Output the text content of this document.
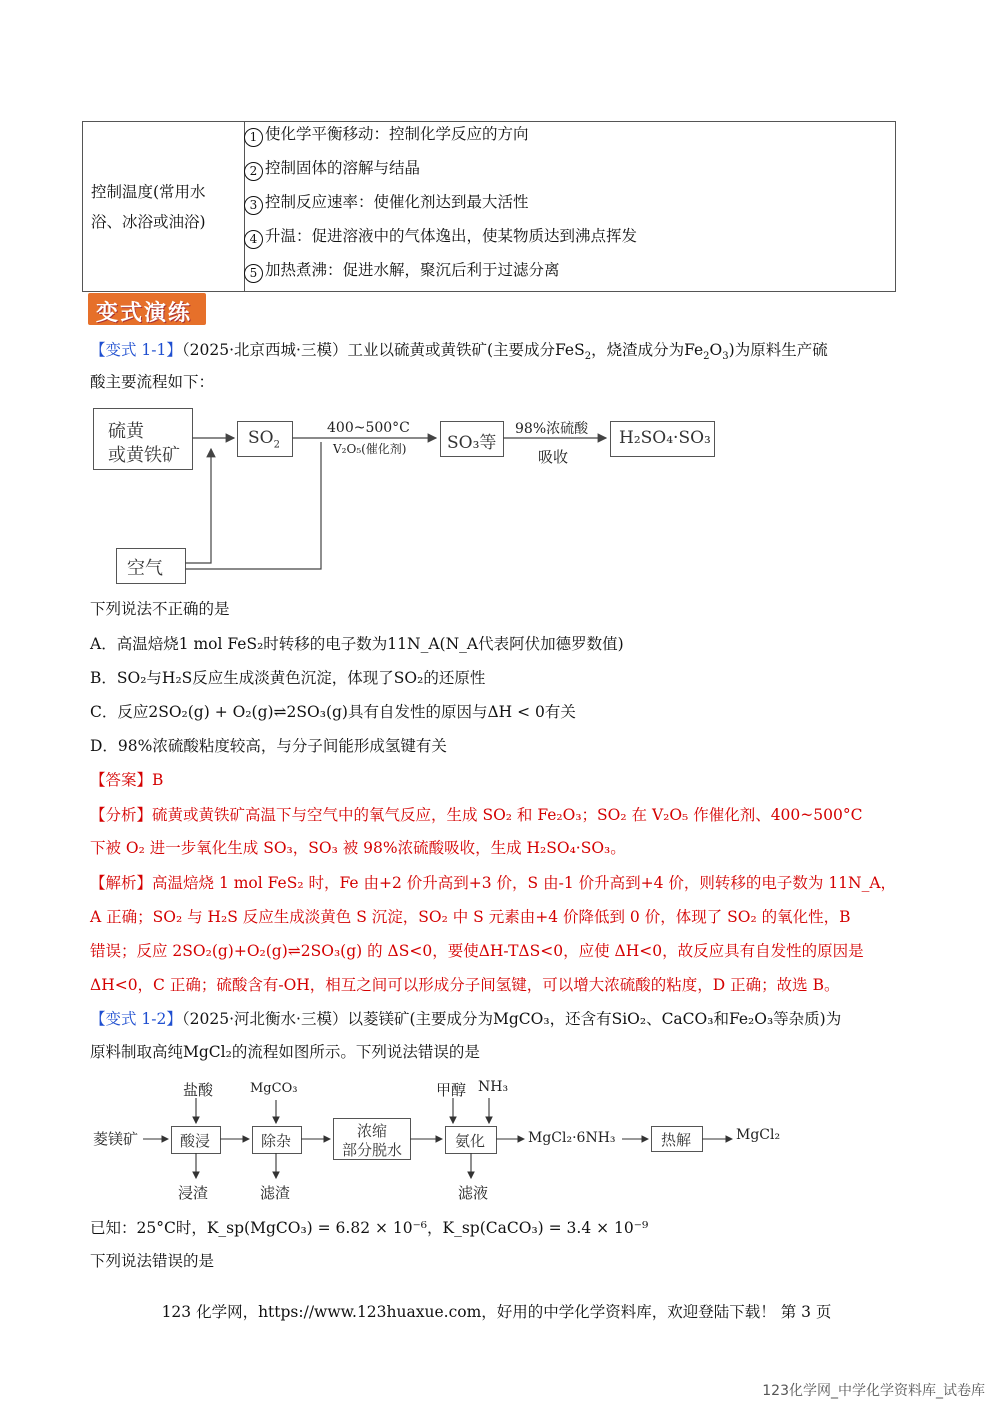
控制温度(常用水
浴、冰浴或油浴)

1 使化学平衡移动：控制化学反应的方向
2 控制固体的溶解与结晶
3 控制反应速率：使催化剂达到最大活性
4 升温：促进溶液中的气体逸出，使某物质达到沸点挥发
5 加热煮沸：促进水解，聚沉后利于过滤分离
变式演练
【变式 1-1】（2025·北京西城·三模）工业以硫黄或黄铁矿(主要成分FeS$_2$，烧渣成分为$Fe_2O_3$)为原料生产硫
酸主要流程如下：
硫黄
或黄铁矿
$SO_2$
400~500°C
V₂O₅(催化剂) SO₃等
98%浓硫酸
吸收
H₂SO₄·SO₃
空气
下列说法不正确的是
A．高温焙烧1 mol FeS₂时转移的电子数为11N_A(N_A代表阿伏加德罗数值)
B．SO₂与H₂S反应生成淡黄色沉淀，体现了SO₂的还原性
C．反应2SO₂(g) + O₂(g)⇌2SO₃(g)具有自发性的原因与ΔH < 0有关
D．98%浓硫酸粘度较高，与分子间能形成氢键有关
【答案】B
【分析】硫黄或黄铁矿高温下与空气中的氧气反应，生成 SO₂ 和 Fe₂O₃；SO₂ 在 V₂O₅ 作催化剂、400~500°C
下被 O₂ 进一步氧化生成 SO₃，SO₃ 被 98%浓硫酸吸收，生成 H₂SO₄·SO₃。
【解析】高温焙烧 1 mol FeS₂ 时，Fe 由+2 价升高到+3 价，S 由-1 价升高到+4 价，则转移的电子数为 11N_A，
A 正确；SO₂ 与 H₂S 反应生成淡黄色 S 沉淀，SO₂ 中 S 元素由+4 价降低到 0 价，体现了 SO₂ 的氧化性，B
错误；反应 2SO₂(g)+O₂(g)⇌2SO₃(g) 的 ΔS<0，要使ΔH-TΔS<0，应使 ΔH<0，故反应具有自发性的原因是
ΔH<0，C 正确；硫酸含有-OH，相互之间可以形成分子间氢键，可以增大浓硫酸的粘度，D 正确；故选 B。
【变式 1-2】（2025·河北衡水·三模）以菱镁矿(主要成分为MgCO₃，还含有SiO₂、CaCO₃和Fe₂O₃等杂质)为
原料制取高纯MgCl₂的流程如图所示。下列说法错误的是
菱镁矿
盐酸
酸浸
浸渣
MgCO₃
除杂
滤渣
浓缩
部分脱水
甲醇 NH₃
氨化
滤液
MgCl₂·6NH₃	热解	MgCl₂
已知：25°C时，K_sp(MgCO₃) = 6.82 × 10⁻⁶，K_sp(CaCO₃) = 3.4 × 10⁻⁹
下列说法错误的是
123 化学网，https://www.123huaxue.com，好用的中学化学资料库，欢迎登陆下载！ 第 3 页
123化学网_中学化学资料库_试卷库
